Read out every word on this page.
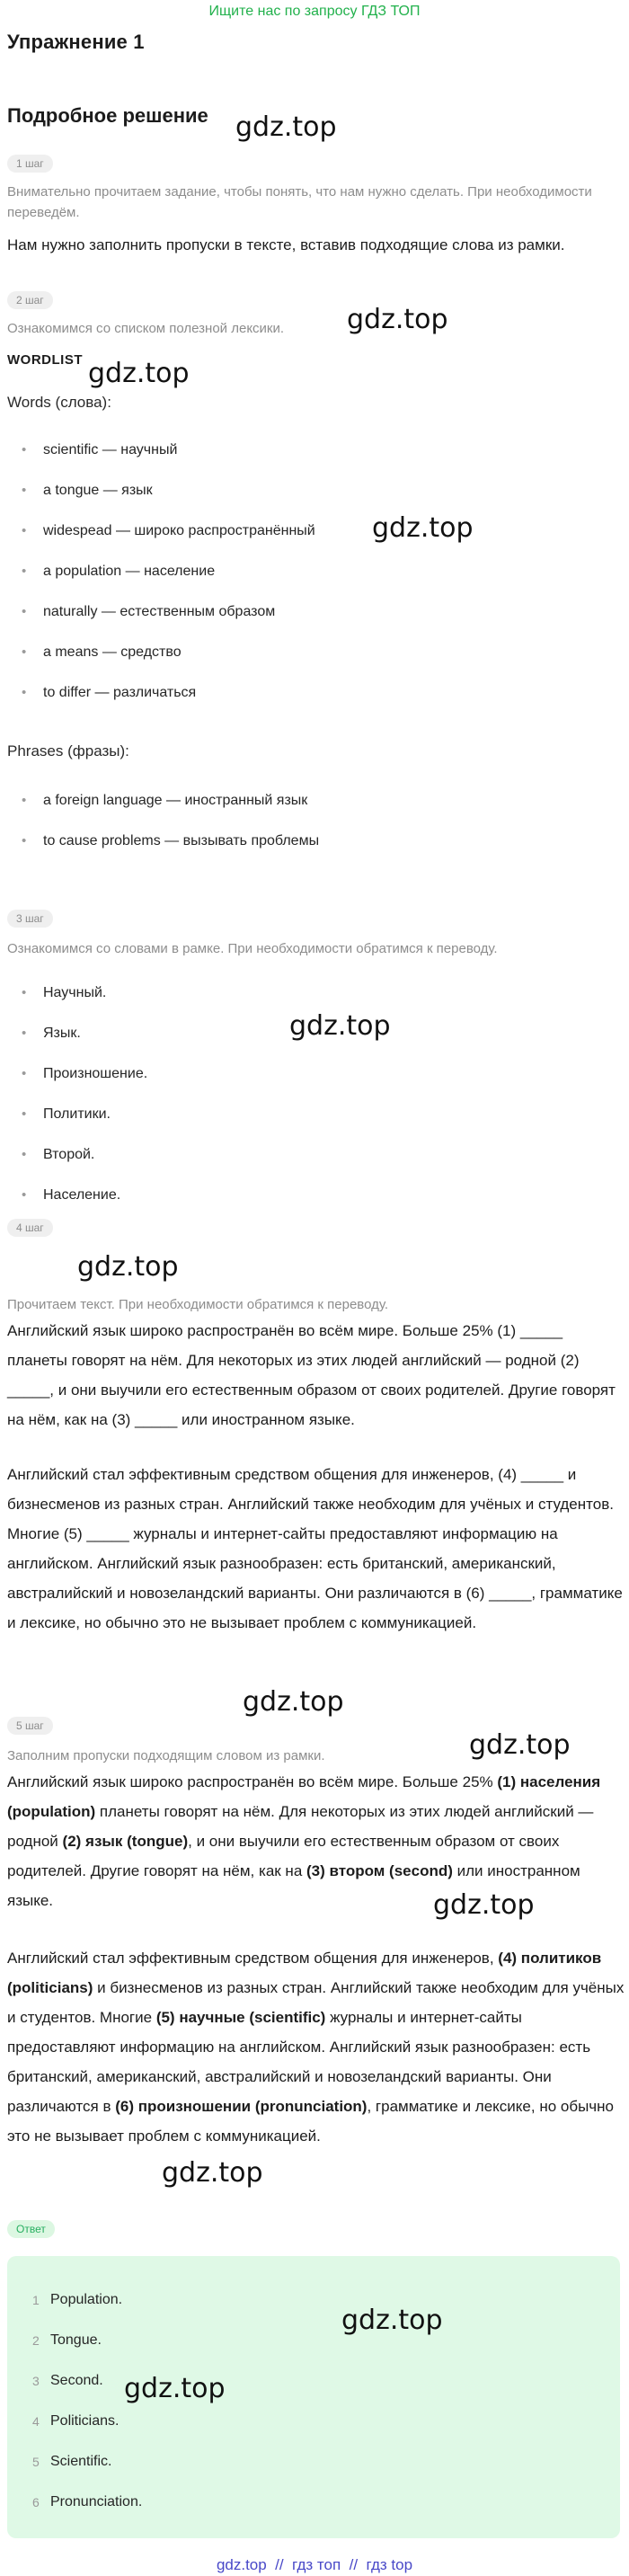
Ищите нас по запросу ГДЗ ТОП
Упражнение 1
Подробное решение gdz.top
1 шаг
Внимательно прочитаем задание, чтобы понять, что нам нужно сделать. При необходимости переведём.
Нам нужно заполнить пропуски в тексте, вставив подходящие слова из рамки.
2 шаг
Ознакомимся со списком полезной лексики. gdz.top
WORDLIST gdz.top
Words (слова):
• scientific — научный
• a tongue — язык
• widespead — широко распространённый
• a population — население
• naturally — естественным образом
• a means — средство
• to differ — различаться
gdz.top
Phrases (фразы):
• a foreign language — иностранный язык
• to cause problems — вызывать проблемы
3 шаг
Ознакомимся со словами в рамке. При необходимости обратимся к переводу.
• Научный.
• Язык.
• Произношение.
• Политики.
• Второй.
• Население.
gdz.top
4 шаг
gdz.top
Прочитаем текст. При необходимости обратимся к переводу.
Английский язык широко распространён во всём мире. Больше 25% (1) _____ планеты говорят на нём. Для некоторых из этих людей английский — родной (2) _____, и они выучили его естественным образом от своих родителей. Другие говорят на нём, как на (3) _____ или иностранном языке.
Английский стал эффективным средством общения для инженеров, (4) _____ и бизнесменов из разных стран. Английский также необходим для учёных и студентов. Многие (5) _____ журналы и интернет-сайты предоставляют информацию на английском. Английский язык разнообразен: есть британский, американский, австралийский и новозеландский варианты. Они различаются в (6) _____, грамматике и лексике, но обычно это не вызывает проблем с коммуникацией.
gdz.top
5 шаг
gdz.top
Заполним пропуски подходящим словом из рамки.
Английский язык широко распространён во всём мире. Больше 25% (1) населения (population) планеты говорят на нём. Для некоторых из этих людей английский — родной (2) язык (tongue), и они выучили его естественным образом от своих родителей. Другие говорят на нём, как на (3) втором (second) или иностранном языке.	gdz.top
Английский стал эффективным средством общения для инженеров, (4) политиков (politicians) и бизнесменов из разных стран. Английский также необходим для учёных и студентов. Многие (5) научные (scientific) журналы и интернет-сайты предоставляют информацию на английском. Английский язык разнообразен: есть британский, американский, австралийский и новозеландский варианты. Они различаются в (6) произношении (pronunciation), грамматике и лексике, но обычно это не вызывает проблем с коммуникацией.
gdz.top
Ответ
1 Population.
2 Tongue.
3 Second.
4 Politicians.
5 Scientific.
6 Pronunciation.
gdz.top
gdz.top
gdz.top  //  гдз топ  //  гдз top
